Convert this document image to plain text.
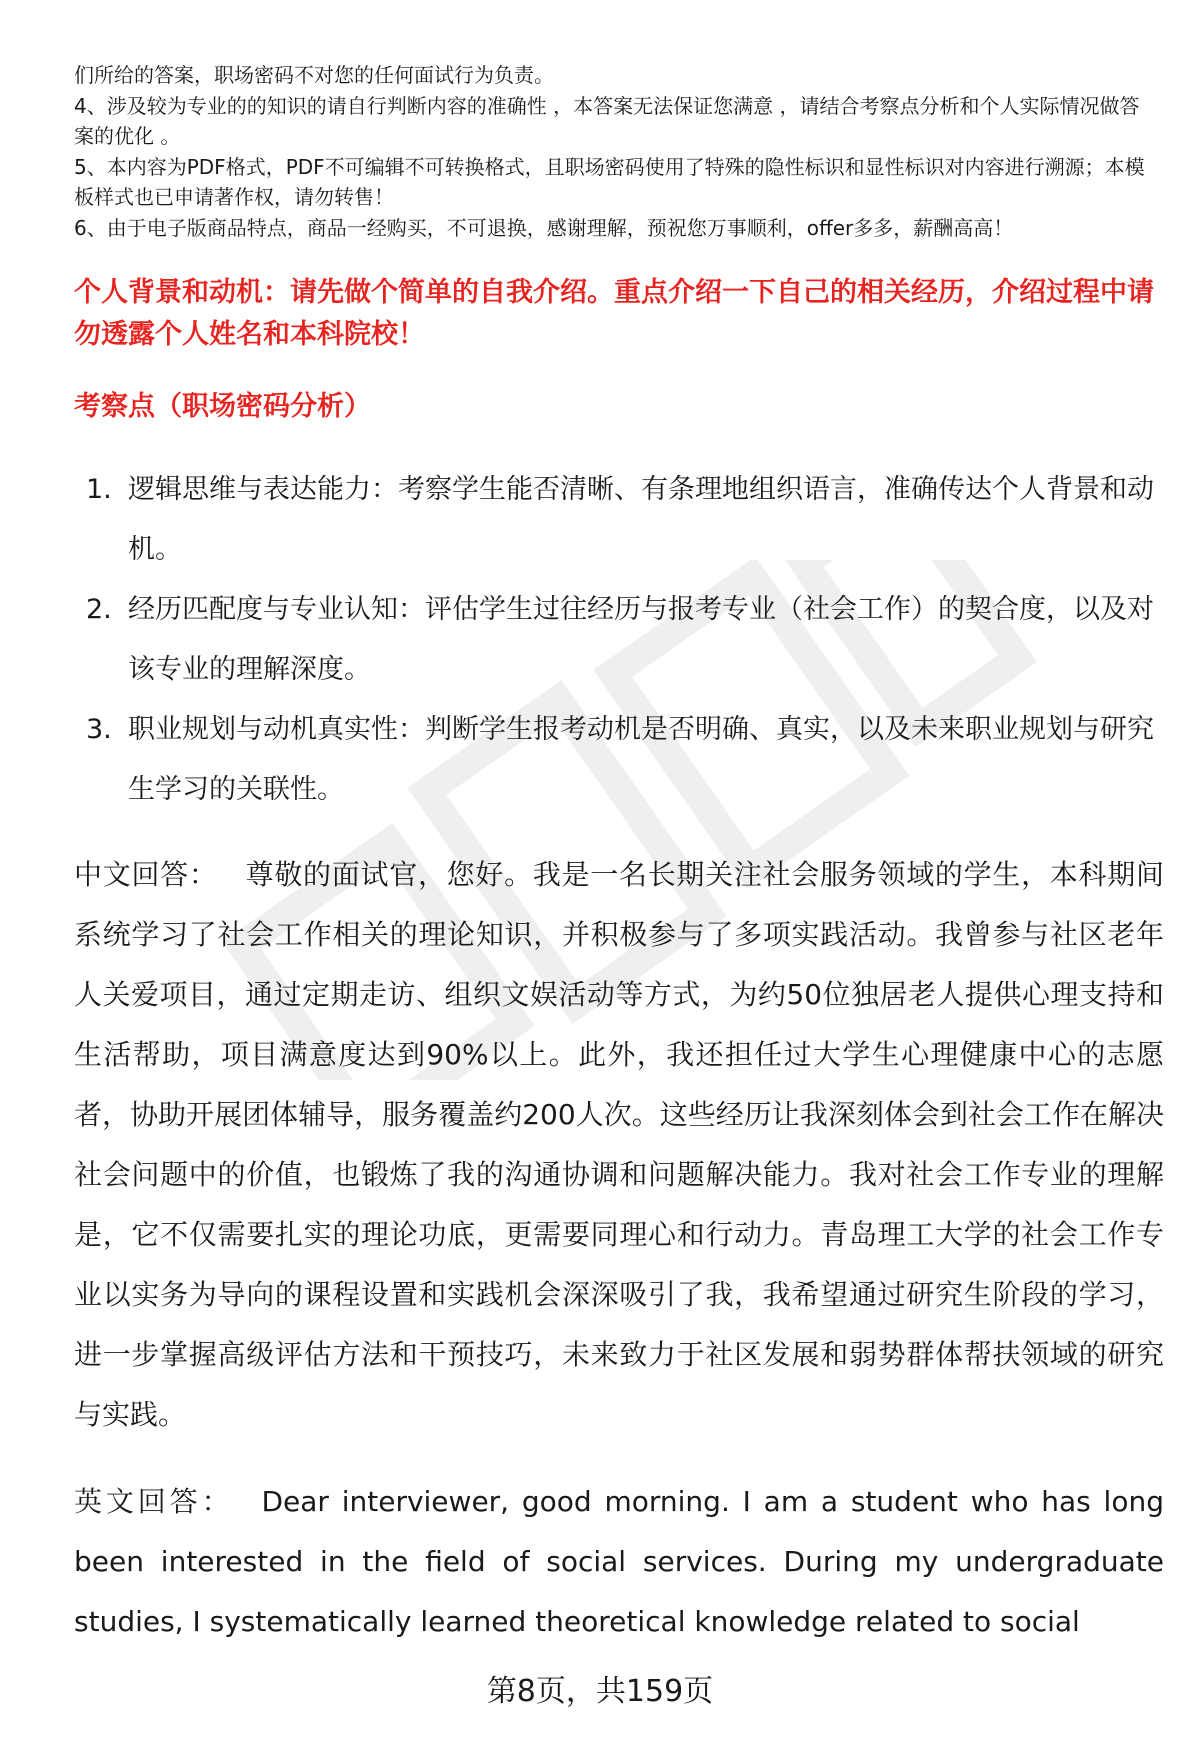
们所给的答案，职场密码不对您的任何面试行为负责。

4、涉及较为专业的的知识的请自行判断内容的准确性 ，本答案无法保证您满意 ，请结合考察点分析和个人实际情况做答案的优化 。

5、本内容为PDF格式，PDF不可编辑不可转换格式，且职场密码使用了特殊的隐性标识和显性标识对内容进行溯源；本模板样式也已申请著作权，请勿转售！

6、由于电子版商品特点，商品一经购买，不可退换，感谢理解，预祝您万事顺利，offer多多，薪酬高高！

个人背景和动机：请先做个简单的自我介绍。重点介绍一下自己的相关经历，介绍过程中请勿透露个人姓名和本科院校！
考察点（职场密码分析）
1. 逻辑思维与表达能力：考察学生能否清晰、有条理地组织语言，准确传达个人背景和动机。
2. 经历匹配度与专业认知：评估学生过往经历与报考专业（社会工作）的契合度，以及对该专业的理解深度。
3. 职业规划与动机真实性：判断学生报考动机是否明确、真实，以及未来职业规划与研究生学习的关联性。

中文回答： 尊敬的面试官，您好。我是一名长期关注社会服务领域的学生，本科期间系统学习了社会工作相关的理论知识，并积极参与了多项实践活动。我曾参与社区老年人关爱项目，通过定期走访、组织文娱活动等方式，为约50位独居老人提供心理支持和生活帮助，项目满意度达到90%以上。此外，我还担任过大学生心理健康中心的志愿者，协助开展团体辅导，服务覆盖约200人次。这些经历让我深刻体会到社会工作在解决社会问题中的价值，也锻炼了我的沟通协调和问题解决能力。我对社会工作专业的理解是，它不仅需要扎实的理论功底，更需要同理心和行动力。青岛理工大学的社会工作专业以实务为导向的课程设置和实践机会深深吸引了我，我希望通过研究生阶段的学习，进一步掌握高级评估方法和干预技巧，未来致力于社区发展和弱势群体帮扶领域的研究与实践。

英文回答： Dear interviewer, good morning. I am a student who has long been interested in the field of social services. During my undergraduate studies, I systematically learned theoretical knowledge related to social

第8页，共159页
